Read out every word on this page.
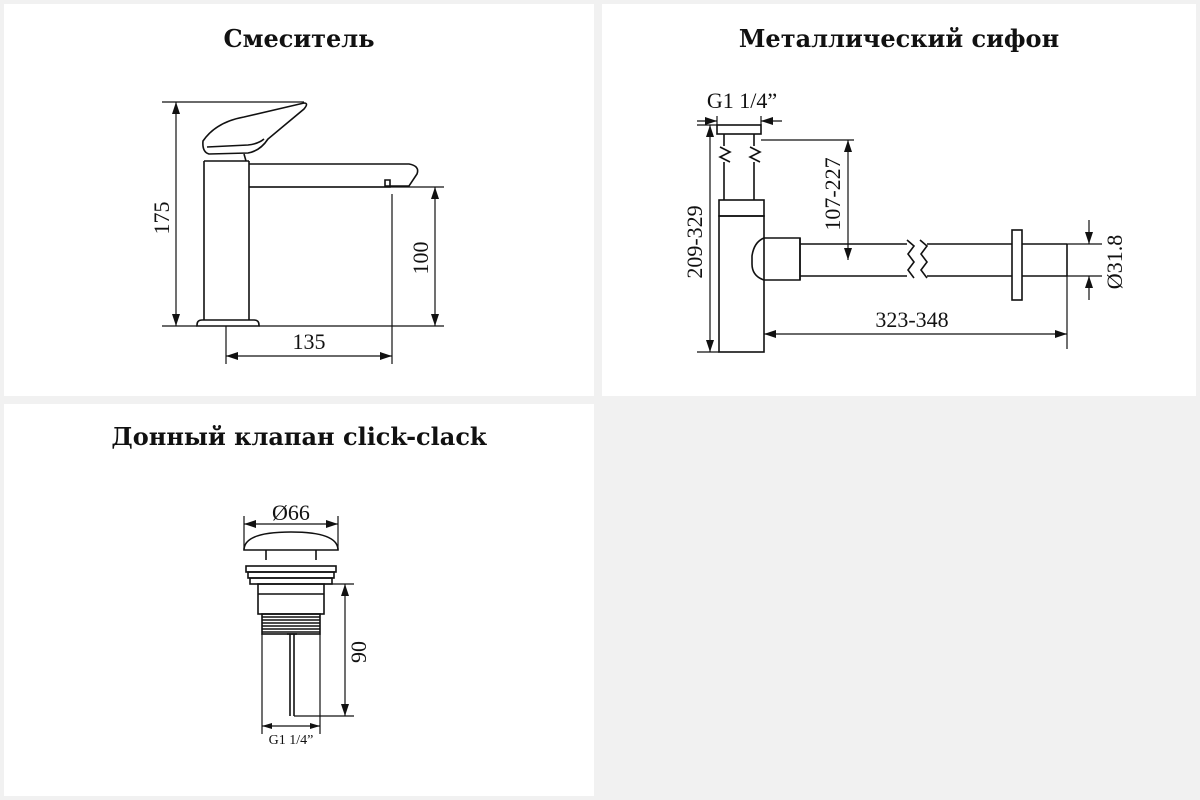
Смеситель
175
100
135
Металлический сифон
G1 1/4”
209-329
107-227
323-348
Ø31.8
Донный клапан click-clack
Ø66
90
G1 1/4”
